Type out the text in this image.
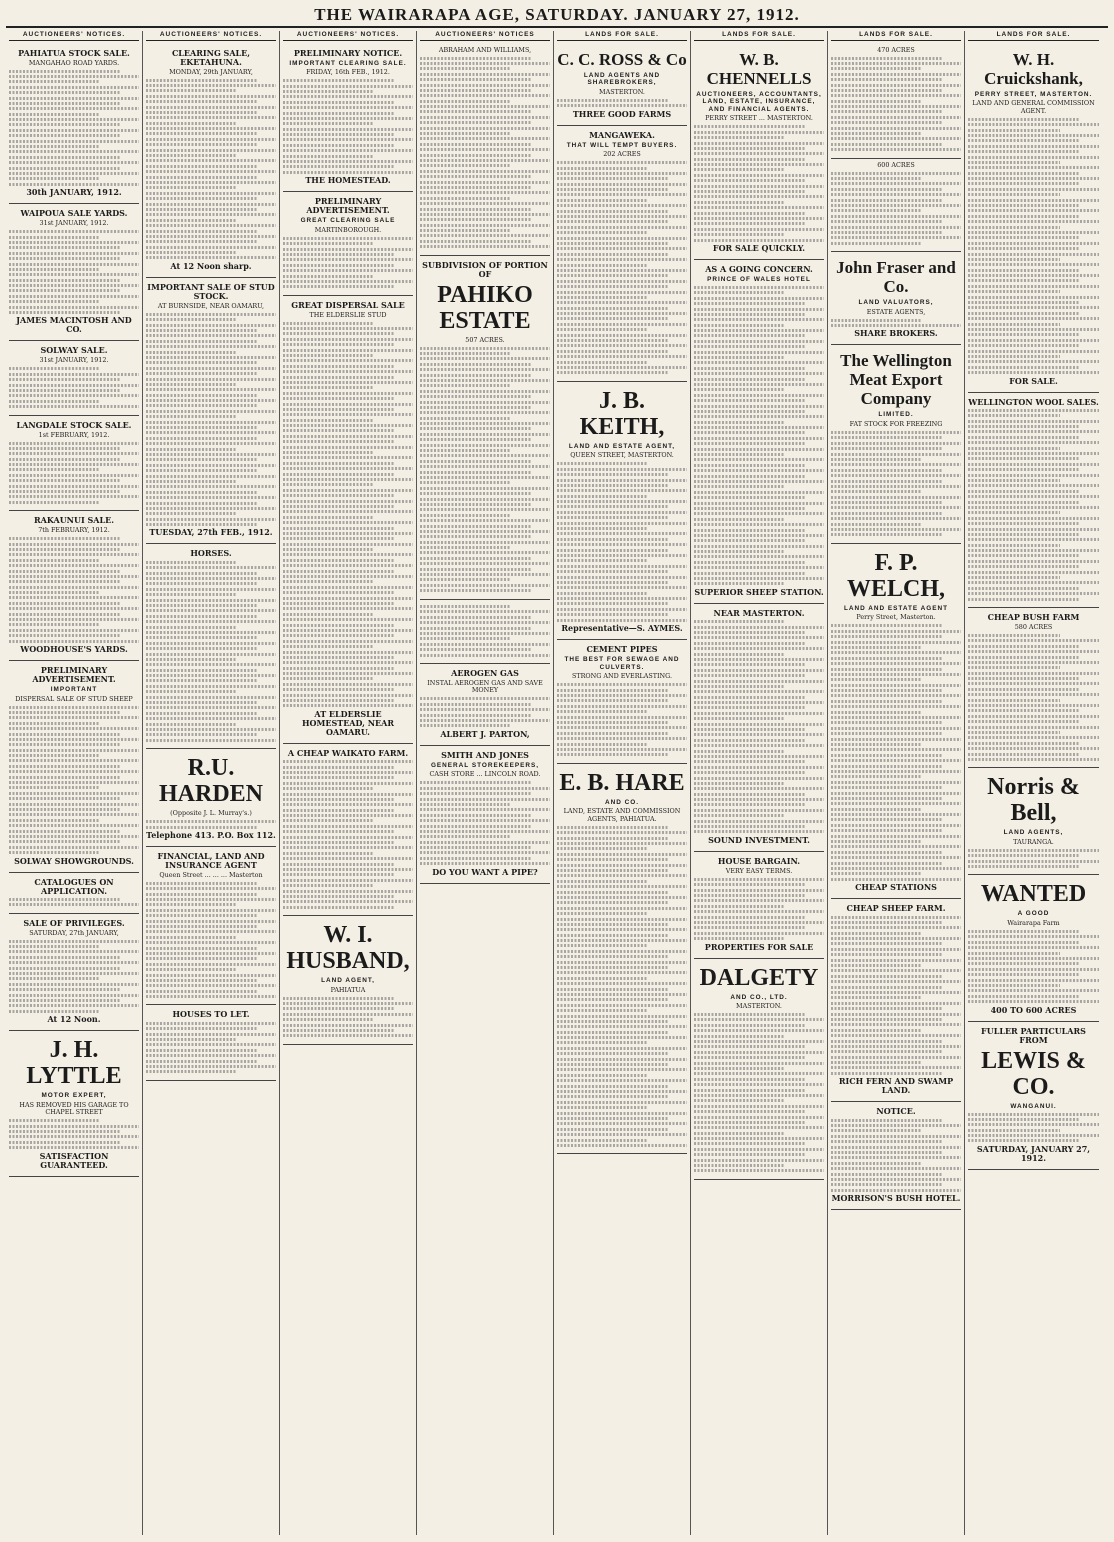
THE WAIRARAPA AGE, SATURDAY. JANUARY 27, 1912.
AUCTIONEERS' NOTICES.
PAHIATUA STOCK SALE.
MANGAHAO ROAD YARDS.
30th JANUARY, 1912.
WAIPOUA SALE YARDS.
31st JANUARY, 1912.
JAMES MACINTOSH AND CO.
SOLWAY SALE.
31st JANUARY, 1912.
LANGDALE STOCK SALE.
1st FEBRUARY, 1912.
RAKAUNUI SALE.
7th FEBRUARY, 1912.
WOODHOUSE'S YARDS.
PRELIMINARY ADVERTISEMENT.
IMPORTANT
DISPERSAL SALE OF STUD SHEEP
SOLWAY SHOWGROUNDS.
CATALOGUES ON APPLICATION.
SALE OF PRIVILEGES.
SATURDAY, 27th JANUARY,
At 12 Noon.
J. H. LYTTLE
MOTOR EXPERT,
HAS REMOVED HIS GARAGE TO CHAPEL STREET
SATISFACTION GUARANTEED.
AUCTIONEERS' NOTICES.
CLEARING SALE, EKETAHUNA.
MONDAY, 29th JANUARY,
At 12 Noon sharp.
IMPORTANT SALE OF STUD STOCK.
AT BURNSIDE, NEAR OAMARU,
TUESDAY, 27th FEB., 1912.
HORSES.
R.U. HARDEN
(Opposite J. L. Murray's.)
Telephone 413. P.O. Box 112.
FINANCIAL, LAND AND INSURANCE AGENT
Queen Street ... ... ... Masterton
HOUSES TO LET.
AUCTIONEERS' NOTICES.
PRELIMINARY NOTICE.
IMPORTANT CLEARING SALE.
FRIDAY, 16th FEB., 1912.
THE HOMESTEAD.
PRELIMINARY ADVERTISEMENT.
GREAT CLEARING SALE
MARTINBOROUGH.
GREAT DISPERSAL SALE
THE ELDERSLIE STUD
AT ELDERSLIE HOMESTEAD, NEAR OAMARU.
A CHEAP WAIKATO FARM.
W. I. HUSBAND,
LAND AGENT,
PAHIATUA
AUCTIONEERS' NOTICES
ABRAHAM AND WILLIAMS,
SUBDIVISION OF PORTION OF
PAHIKO ESTATE
507 ACRES.
AEROGEN GAS
INSTAL AEROGEN GAS AND SAVE MONEY
ALBERT J. PARTON,
SMITH AND JONES
GENERAL STOREKEEPERS,
CASH STORE ... LINCOLN ROAD.
DO YOU WANT A PIPE?
LANDS FOR SALE.
C. C. ROSS & Co
LAND AGENTS AND SHAREBROKERS,
MASTERTON.
THREE GOOD FARMS
MANGAWEKA.
THAT WILL TEMPT BUYERS.
202 ACRES
J. B. KEITH,
LAND AND ESTATE AGENT,
QUEEN STREET, MASTERTON.
Representative—S. AYMES.
CEMENT PIPES
THE BEST FOR SEWAGE AND CULVERTS.
STRONG AND EVERLASTING.
E. B. HARE
AND CO.
LAND, ESTATE AND COMMISSION AGENTS, PAHIATUA.
LANDS FOR SALE.
W. B. CHENNELLS
AUCTIONEERS, ACCOUNTANTS, LAND, ESTATE, INSURANCE, AND FINANCIAL AGENTS.
PERRY STREET ... MASTERTON.
FOR SALE QUICKLY.
AS A GOING CONCERN.
PRINCE OF WALES HOTEL
SUPERIOR SHEEP STATION.
NEAR MASTERTON.
SOUND INVESTMENT.
HOUSE BARGAIN.
VERY EASY TERMS.
PROPERTIES FOR SALE
DALGETY
AND CO., LTD.
MASTERTON.
LANDS FOR SALE.
470 ACRES
600 ACRES
John Fraser and Co.
LAND VALUATORS,
ESTATE AGENTS,
SHARE BROKERS.
The Wellington Meat Export Company
LIMITED.
FAT STOCK FOR FREEZING
F. P. WELCH,
LAND AND ESTATE AGENT
Perry Street, Masterton.
CHEAP STATIONS
CHEAP SHEEP FARM.
RICH FERN AND SWAMP LAND.
NOTICE.
MORRISON'S BUSH HOTEL.
LANDS FOR SALE.
W. H. Cruickshank,
PERRY STREET, MASTERTON.
LAND AND GENERAL COMMISSION AGENT.
FOR SALE.
WELLINGTON WOOL SALES.
CHEAP BUSH FARM
580 ACRES
Norris & Bell,
LAND AGENTS,
TAURANGA.
WANTED
A GOOD
Wairarapa Farm
400 TO 600 ACRES
FULLER PARTICULARS FROM
LEWIS & CO.
WANGANUI.
SATURDAY, JANUARY 27, 1912.
